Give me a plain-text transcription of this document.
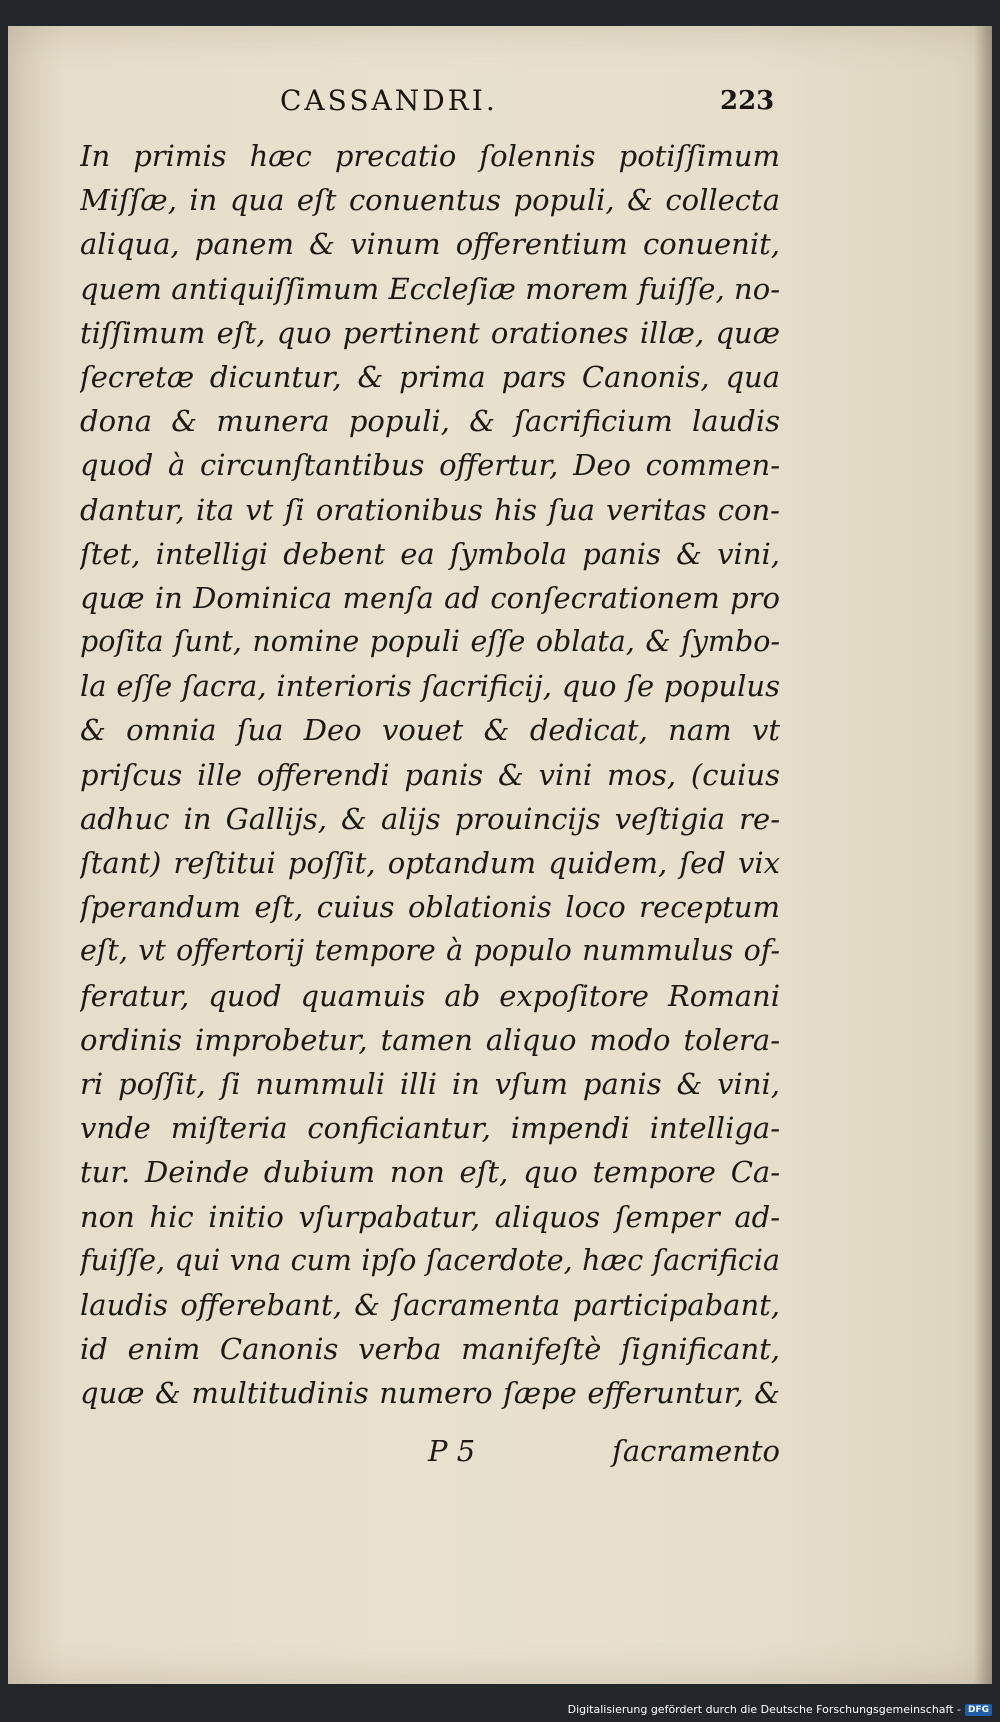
CASSANDRI.	223
In primis hæc precatio ſolennis potiſſimum
Miſſæ, in qua eſt conuentus populi, & collecta
aliqua, panem & vinum offerentium conuenit,
quem antiquiſſimum Eccleſiæ morem fuiſſe, no-
tiſſimum eſt, quo pertinent orationes illæ, quæ
ſecretæ dicuntur, & prima pars Canonis, qua
dona & munera populi, & ſacrificium laudis
quod à circunſtantibus offertur, Deo commen-
dantur, ita vt ſi orationibus his ſua veritas con-
ſtet, intelligi debent ea ſymbola panis & vini,
quæ in Dominica menſa ad conſecrationem pro
poſita ſunt, nomine populi eſſe oblata, & ſymbo-
la eſſe ſacra, interioris ſacrificij, quo ſe populus
& omnia ſua Deo vouet & dedicat, nam vt
priſcus ille offerendi panis & vini mos, (cuius
adhuc in Gallijs, & alijs prouincijs veſtigia re-
ſtant) reſtitui poſſit, optandum quidem, ſed vix
ſperandum eſt, cuius oblationis loco receptum
eſt, vt offertorij tempore à populo nummulus of-
feratur, quod quamuis ab expoſitore Romani
ordinis improbetur, tamen aliquo modo tolera-
ri poſſit, ſi nummuli illi in vſum panis & vini,
vnde miſteria conficiantur, impendi intelliga-
tur. Deinde dubium non eſt, quo tempore Ca-
non hic initio vſurpabatur, aliquos ſemper ad-
fuiſſe, qui vna cum ipſo ſacerdote, hæc ſacrificia
laudis offerebant, & ſacramenta participabant,
id enim Canonis verba manifeſtè ſignificant,
quæ & multitudinis numero ſæpe efferuntur, &
P 5	ſacramento
Digitalisierung gefördert durch die Deutsche Forschungsgemeinschaft - DFG
